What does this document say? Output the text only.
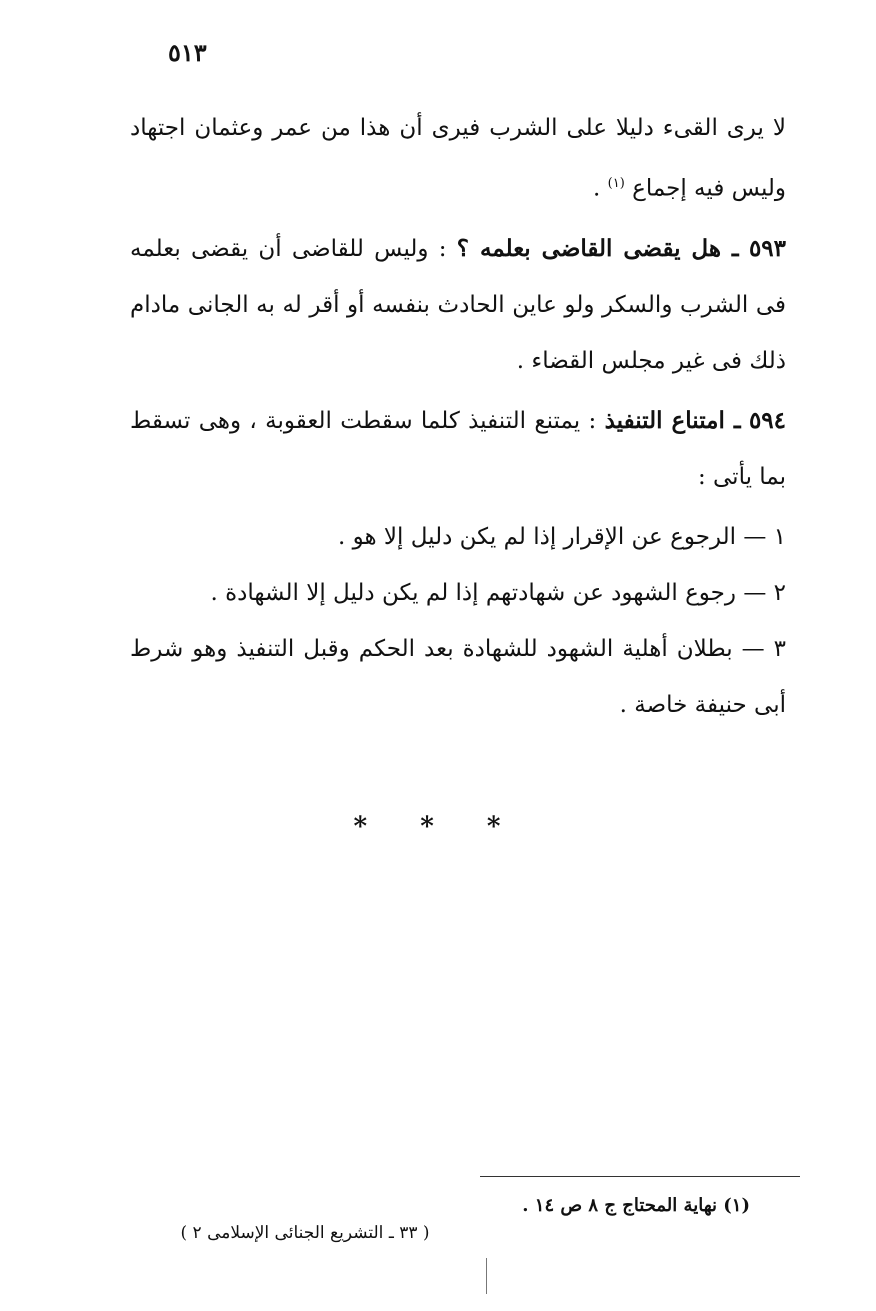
٥١٣

لا يرى القىء دليلا على الشرب فيرى أن هذا من عمر وعثمان اجتهاد وليس فيه إجماع $^{(١)}$ .

٥٩٣ ـ هل يقضى القاضى بعلمه ؟ : وليس للقاضى أن يقضى بعلمه فى الشرب والسكر ولو عاين الحادث بنفسه أو أقر له به الجانى مادام ذلك فى غير مجلس القضاء .

٥٩٤ ـ امتناع التنفيذ : يمتنع التنفيذ كلما سقطت العقوبة ، وهى تسقط بما يأتى :

١ — الرجوع عن الإقرار إذا لم يكن دليل إلا هو .

٢ — رجوع الشهود عن شهادتهم إذا لم يكن دليل إلا الشهادة .

٣ — بطلان أهلية الشهود للشهادة بعد الحكم وقبل التنفيذ وهو شرط أبى حنيفة خاصة .

* * *
(١) نهاية المحتاج ج ٨ ص ١٤ .
( ٣٣ ـ التشريع الجنائى الإسلامى ٢ )
